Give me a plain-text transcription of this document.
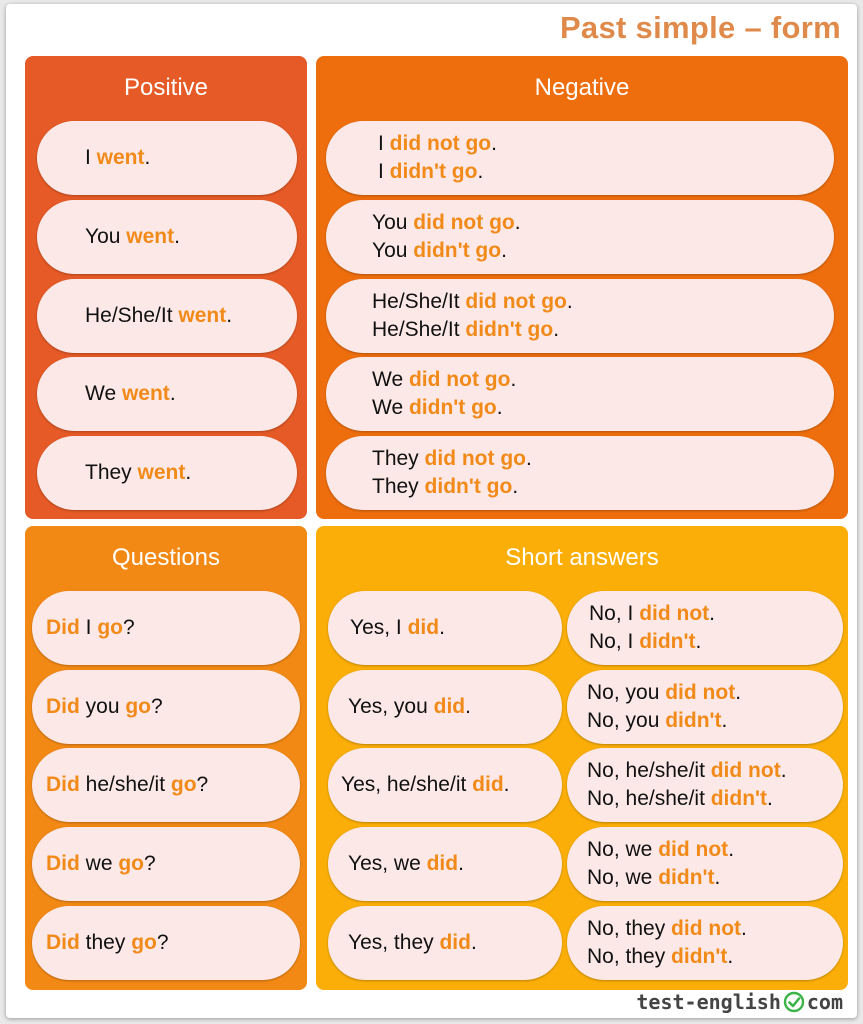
Past simple – form
Positive	Negative
Questions	Short answers
I went.
You went.
He/She/It went.
We went.
They went.
I did not go.
I didn't go.
You did not go.
You didn't go.
He/She/It did not go.
He/She/It didn't go.
We did not go.
We didn't go.
They did not go.
They didn't go.
Did I go?
Did you go?
Did he/she/it go?
Did we go?
Did they go?
Yes, I did.
Yes, you did.
Yes, he/she/it did.
Yes, we did.
Yes, they did.
No, I did not.
No, I didn't.
No, you did not.
No, you didn't.
No, he/she/it did not.
No, he/she/it didn't.
No, we did not.
No, we didn't.
No, they did not.
No, they didn't.
test-english com
